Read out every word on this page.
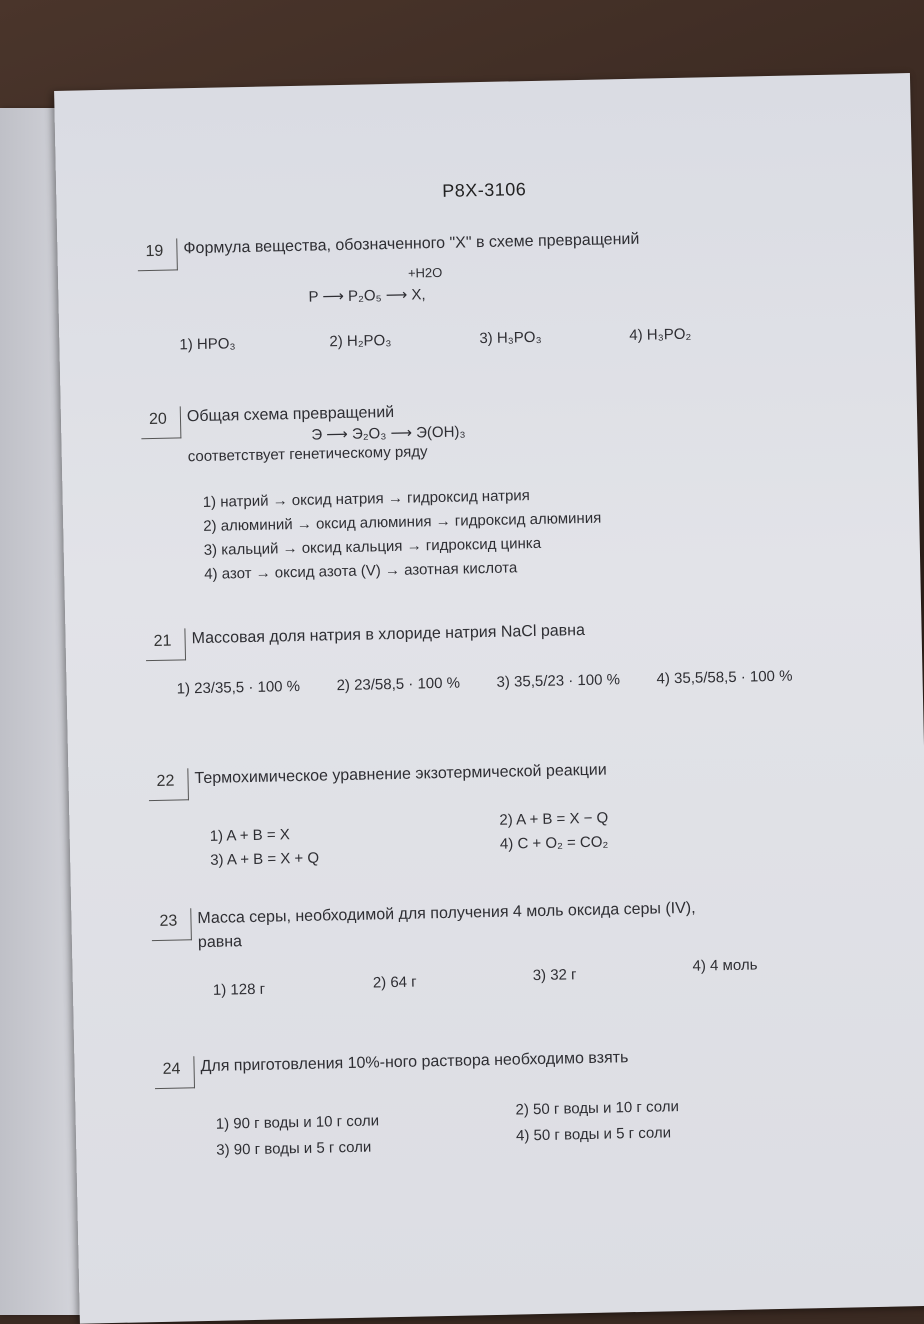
P8X-3106
19	Формула вещества, обозначенного "X" в схеме превращений
+H2O
P ⟶ P₂O₅ ⟶ X,
1) HPO₃	2) H₂PO₃	3) H₃PO₃	4) H₃PO₂
20	Общая схема превращений
Э ⟶ Э₂O₃ ⟶ Э(OH)₃
соответствует генетическому ряду
1) натрий → оксид натрия → гидроксид натрия
2) алюминий → оксид алюминия → гидроксид алюминия
3) кальций → оксид кальция → гидроксид цинка
4) азот → оксид азота (V) → азотная кислота
21	Массовая доля натрия в хлориде натрия NaCl равна
1) 23/35,5 · 100 % 2) 23/58,5 · 100 % 3) 35,5/23 · 100 % 4) 35,5/58,5 · 100 %
22	Термохимическое уравнение экзотермической реакции
1) A + B = X
2) A + B = X − Q
3) A + B = X + Q
4) C + O₂ = CO₂
23	Масса серы, необходимой для получения 4 моль оксида серы (IV),
равна
1) 128 г	2) 64 г	3) 32 г
4) 4 моль
24	Для приготовления 10%-ного раствора необходимо взять
1) 90 г воды и 10 г соли
2) 50 г воды и 10 г соли
3) 90 г воды и 5 г соли
4) 50 г воды и 5 г соли
